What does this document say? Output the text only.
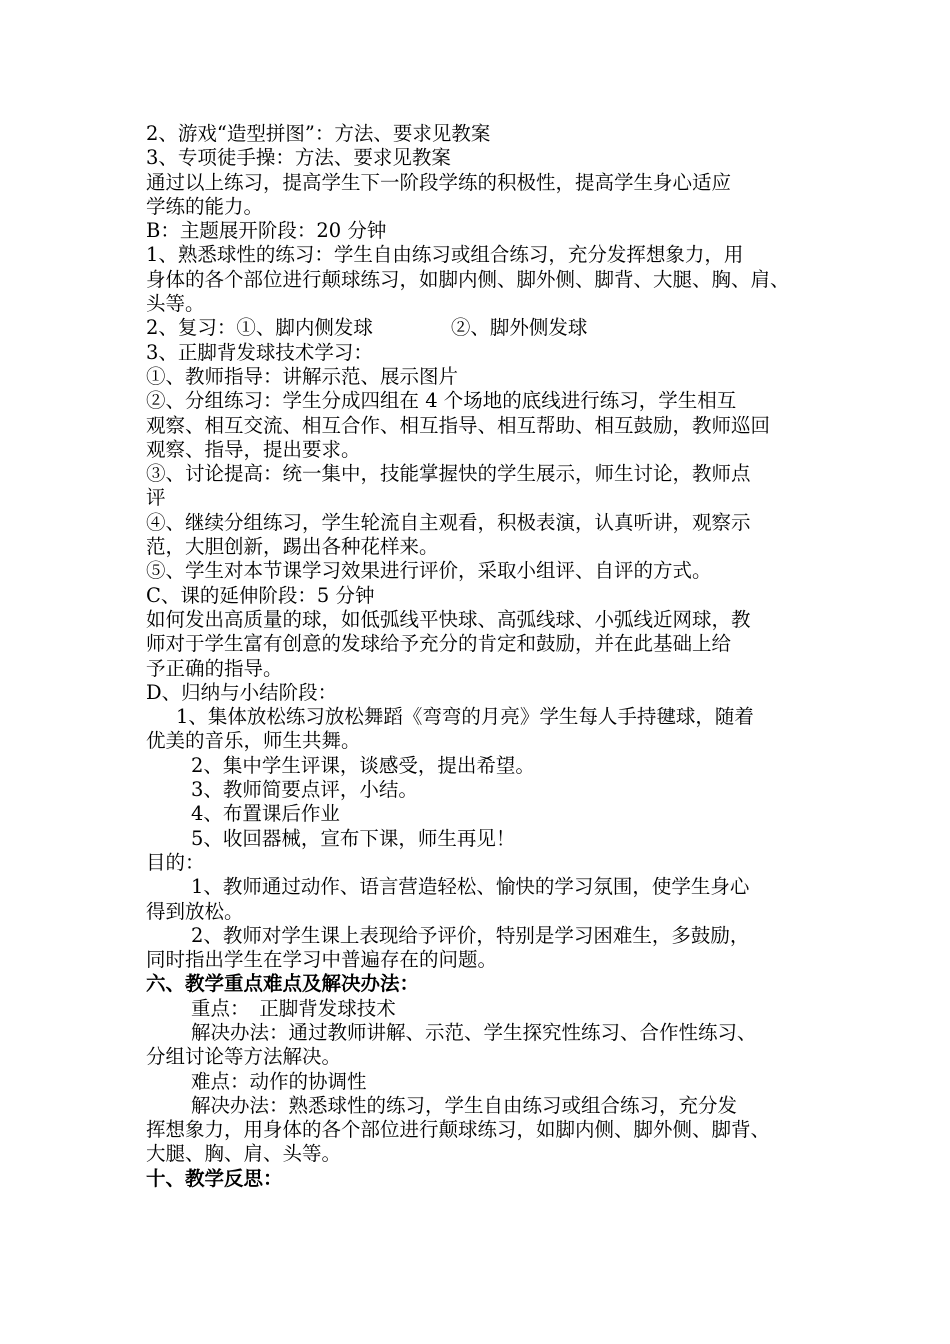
2、游戏“造型拼图”：方法、要求见教案
3、专项徒手操：方法、要求见教案
通过以上练习，提高学生下一阶段学练的积极性，提高学生身心适应
学练的能力。
B：主题展开阶段：20 分钟
1、熟悉球性的练习：学生自由练习或组合练习，充分发挥想象力，用
身体的各个部位进行颠球练习，如脚内侧、脚外侧、脚背、大腿、胸、肩、
头等。
2、复习：①、脚内侧发球　　　　②、脚外侧发球
3、正脚背发球技术学习：
①、教师指导：讲解示范、展示图片
②、分组练习：学生分成四组在 4 个场地的底线进行练习，学生相互
观察、相互交流、相互合作、相互指导、相互帮助、相互鼓励，教师巡回
观察、指导，提出要求。
③、讨论提高：统一集中，技能掌握快的学生展示，师生讨论，教师点
评
④、继续分组练习，学生轮流自主观看，积极表演，认真听讲，观察示
范，大胆创新，踢出各种花样来。
⑤、学生对本节课学习效果进行评价，采取小组评、自评的方式。
C、课的延伸阶段：5 分钟
如何发出高质量的球，如低弧线平快球、高弧线球、小弧线近网球，教
师对于学生富有创意的发球给予充分的肯定和鼓励，并在此基础上给
予正确的指导。
D、归纳与小结阶段：
1、集体放松练习放松舞蹈《弯弯的月亮》学生每人手持毽球，随着
优美的音乐，师生共舞。
2、集中学生评课，谈感受，提出希望。
3、教师简要点评，小结。
4、布置课后作业
5、收回器械，宣布下课，师生再见！
目的：
1、教师通过动作、语言营造轻松、愉快的学习氛围，使学生身心
得到放松。
2、教师对学生课上表现给予评价，特别是学习困难生，多鼓励，
同时指出学生在学习中普遍存在的问题。
六、教学重点难点及解决办法：
重点：　正脚背发球技术
解决办法：通过教师讲解、示范、学生探究性练习、合作性练习、
分组讨论等方法解决。
难点：动作的协调性
解决办法：熟悉球性的练习，学生自由练习或组合练习，充分发
挥想象力，用身体的各个部位进行颠球练习，如脚内侧、脚外侧、脚背、
大腿、胸、肩、头等。
十、教学反思：
